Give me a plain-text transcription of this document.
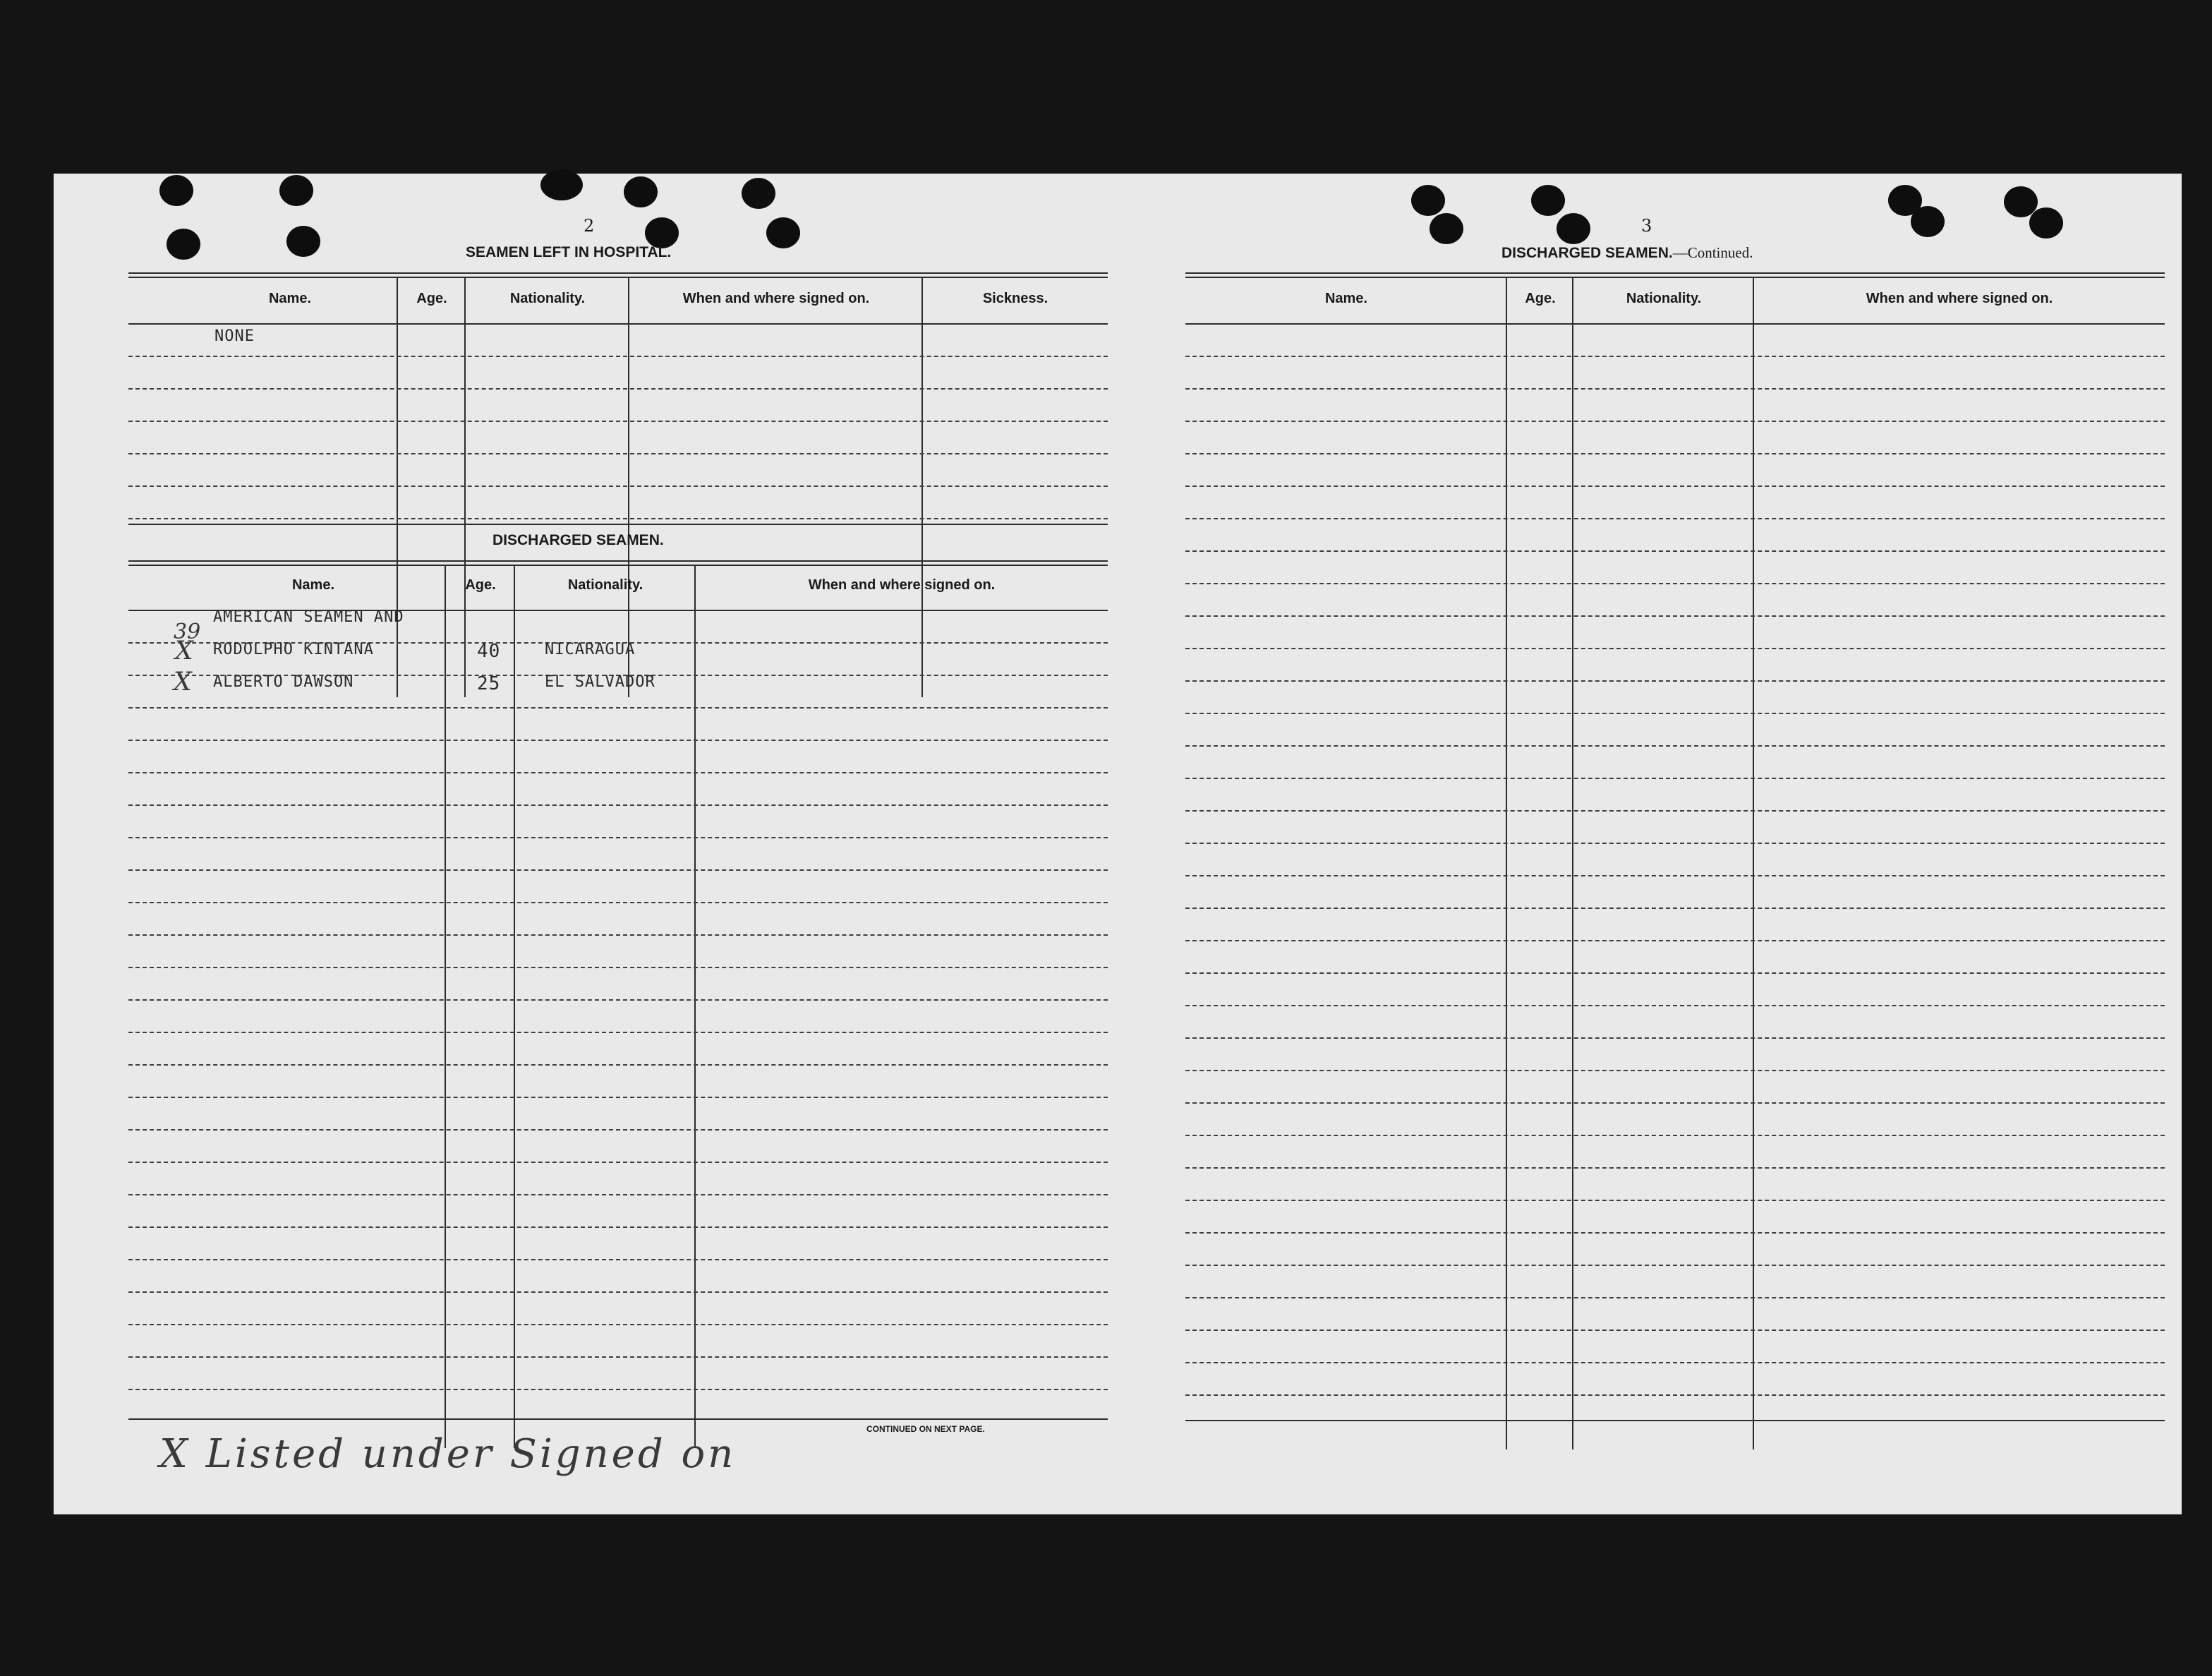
2
SEAMEN LEFT IN HOSPITAL.
Name.	Age.	Nationality.	When and where signed on.	Sickness.
NONE
DISCHARGED SEAMEN.
Name.	Age.	Nationality.	When and where signed on.
39
AMERICAN SEAMEN AND
X RODOLPHO KINTANA	40	NICARAGUA
X ALBERTO DAWSON	25	EL SALVADOR
CONTINUED ON NEXT PAGE.
X Listed under Signed on
3
DISCHARGED SEAMEN.—Continued.
Name.	Age.	Nationality.	When and where signed on.
